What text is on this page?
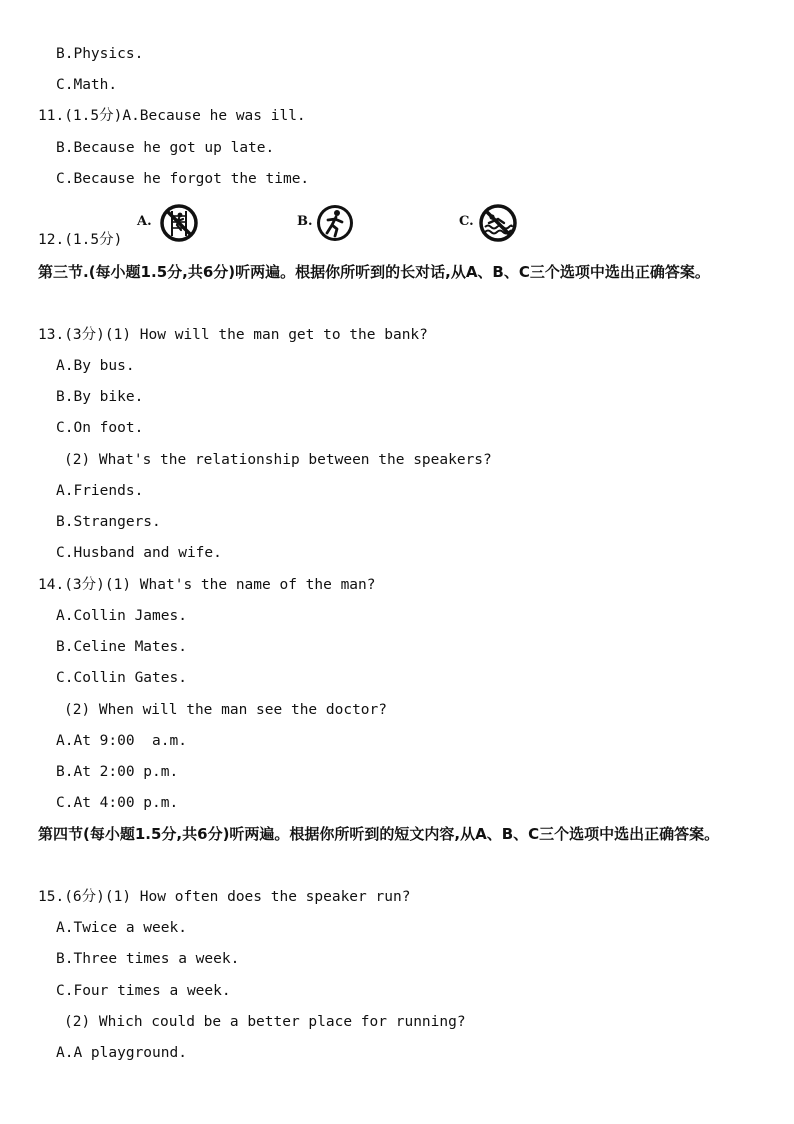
B.Physics.
C.Math.
11.(1.5分)A.Because he was ill.
B.Because he got up late.
C.Because he forgot the time.
12.(1.5分)
A.	B.	C.
第三节.(每小题1.5分,共6分)听两遍。根据你所听到的长对话,从A、B、C三个选项中选出正确答案。
13.(3分)(1) How will the man get to the bank?
A.By bus.
B.By bike.
C.On foot.
(2) What's the relationship between the speakers?
A.Friends.
B.Strangers.
C.Husband and wife.
14.(3分)(1) What's the name of the man?
A.Collin James.
B.Celine Mates.
C.Collin Gates.
(2) When will the man see the doctor?
A.At 9:00  a.m.
B.At 2:00 p.m.
C.At 4:00 p.m.
第四节(每小题1.5分,共6分)听两遍。根据你所听到的短文内容,从A、B、C三个选项中选出正确答案。
15.(6分)(1) How often does the speaker run?
A.Twice a week.
B.Three times a week.
C.Four times a week.
(2) Which could be a better place for running?
A.A playground.
